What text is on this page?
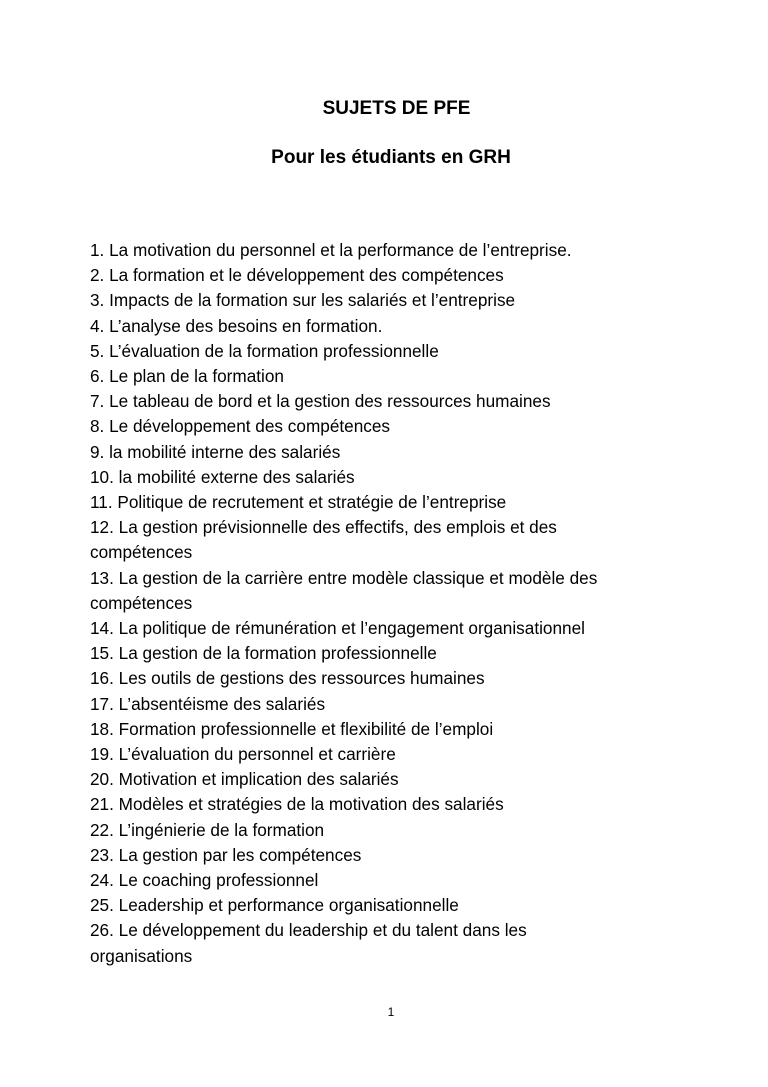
SUJETS DE PFE
Pour les étudiants en GRH
1. La motivation du personnel et la performance de l’entreprise.
2. La formation et le développement des compétences
3. Impacts de la formation sur les salariés et l’entreprise
4. L’analyse des besoins en formation.
5. L’évaluation de la formation professionnelle
6. Le plan de la formation
7. Le tableau de bord et la gestion des ressources humaines
8. Le développement des compétences
9. la mobilité interne des salariés
10. la mobilité externe des salariés
11. Politique de recrutement et stratégie de l’entreprise
12. La gestion prévisionnelle des effectifs, des emplois et des
compétences
13. La gestion de la carrière entre modèle classique et modèle des
compétences
14. La politique de rémunération et l’engagement organisationnel
15. La gestion de la formation professionnelle
16. Les outils de gestions des ressources humaines
17. L’absentéisme des salariés
18. Formation professionnelle et flexibilité de l’emploi
19. L’évaluation du personnel et carrière
20. Motivation et implication des salariés
21. Modèles et stratégies de la motivation des salariés
22. L’ingénierie de la formation
23. La gestion par les compétences
24. Le coaching professionnel
25. Leadership et performance organisationnelle
26. Le développement du leadership et du talent dans les
organisations
1
